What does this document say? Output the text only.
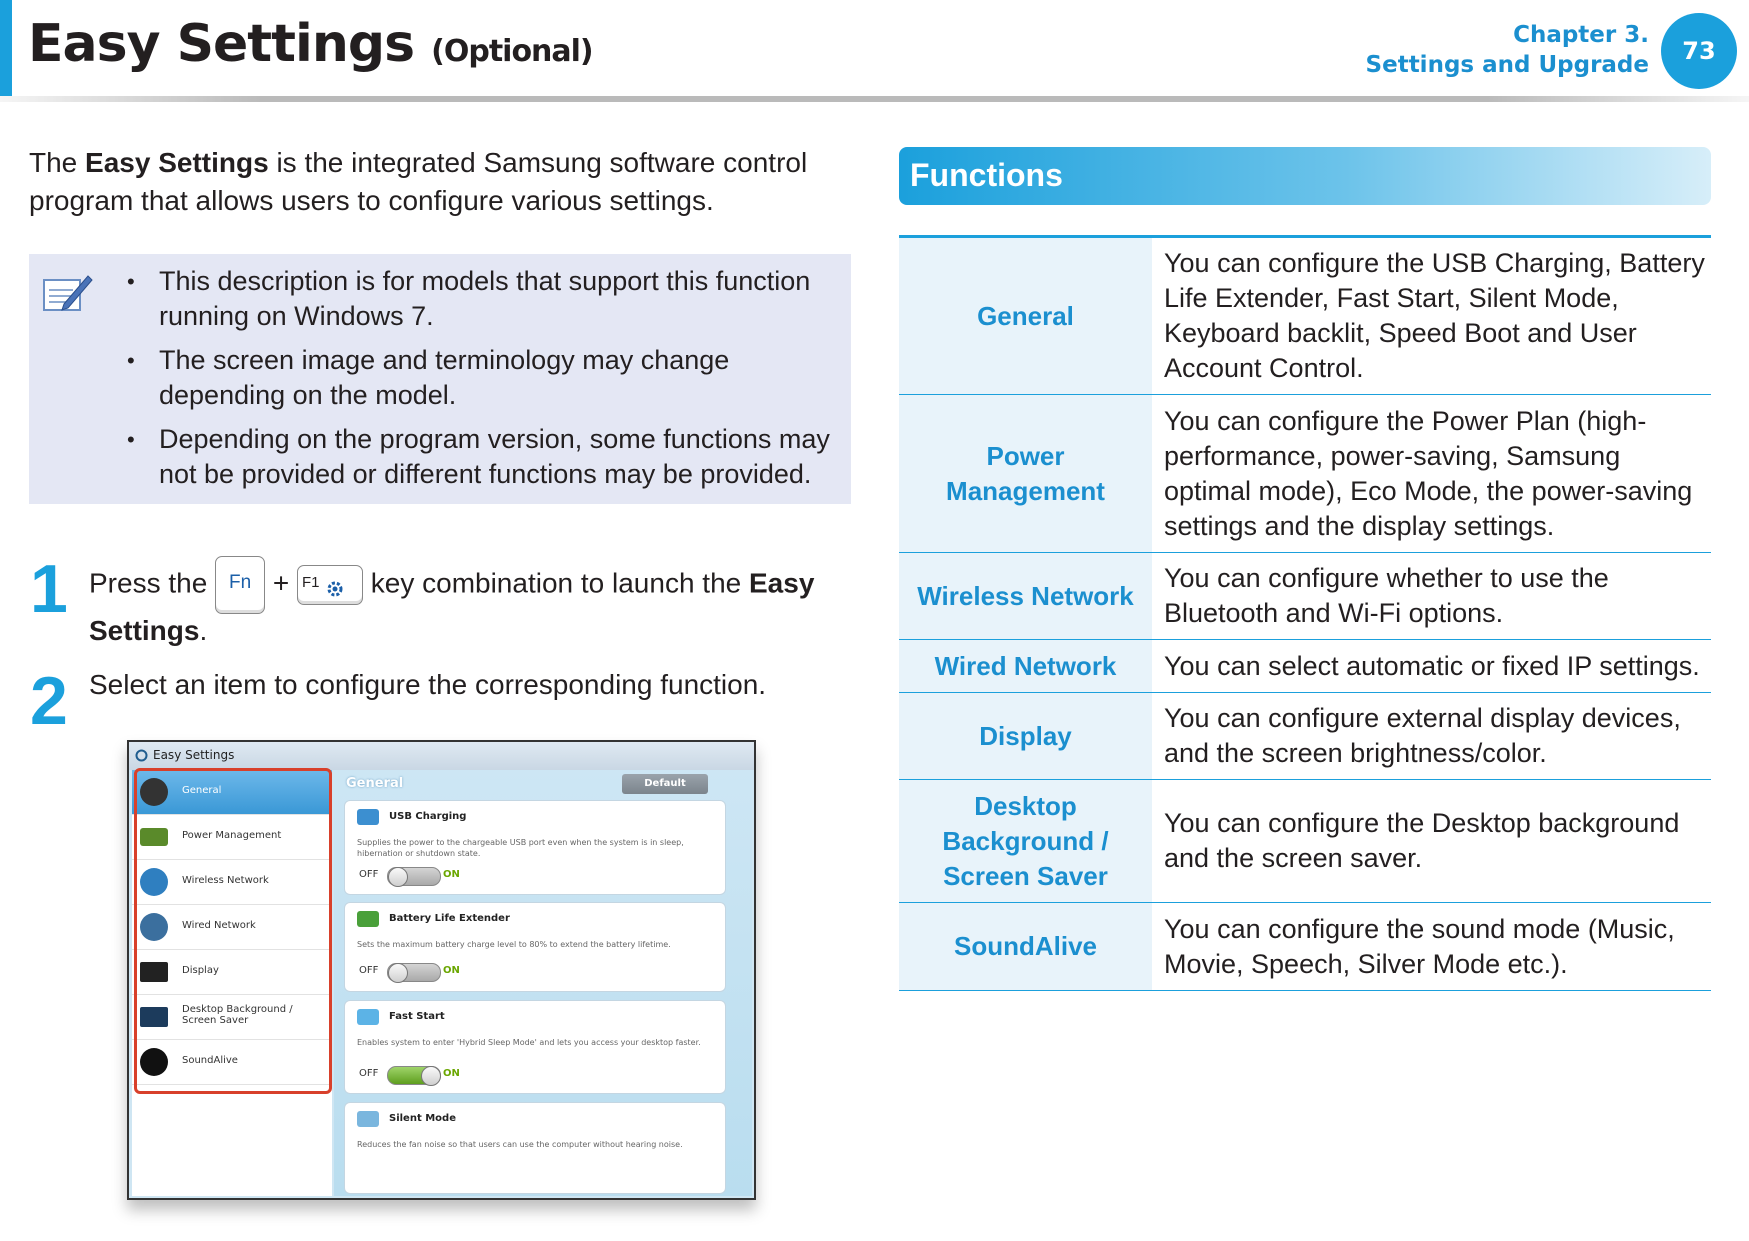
Easy Settings (Optional)	Chapter 3.
Settings and Upgrade	73
The Easy Settings is the integrated Samsung software control program that allows users to configure various settings.
• This description is for models that support this function running on Windows 7.
• The screen image and terminology may change depending on the model.
• Depending on the program version, some functions may not be provided or different functions may be provided.
1 Press the Fn + F1 key combination to launch the Easy
Settings.
2 Select an item to configure the corresponding function.
Easy Settings
General
Power Management
Wireless Network
Wired Network
Display
Desktop Background / Screen Saver
SoundAlive
General	Default
USB Charging
Supplies the power to the chargeable USB port even when the system is in sleep, hibernation or shutdown state.
OFF	ON
Battery Life Extender
Sets the maximum battery charge level to 80% to extend the battery lifetime.
OFF	ON
Fast Start
Enables system to enter 'Hybrid Sleep Mode' and lets you access your desktop faster.
OFF	ON
Silent Mode
Reduces the fan noise so that users can use the computer without hearing noise.
Functions
General	You can configure the USB Charging, Battery Life Extender, Fast Start, Silent Mode, Keyboard backlit, Speed Boot and User Account Control.
Power Management	You can configure the Power Plan (high-performance, power-saving, Samsung optimal mode), Eco Mode, the power-saving settings and the display settings.
Wireless Network	You can configure whether to use the Bluetooth and Wi-Fi options.
Wired Network	You can select automatic or fixed IP settings.
Display	You can configure external display devices, and the screen brightness/color.
Desktop Background / Screen Saver	You can configure the Desktop background and the screen saver.
SoundAlive	You can configure the sound mode (Music, Movie, Speech, Silver Mode etc.).
